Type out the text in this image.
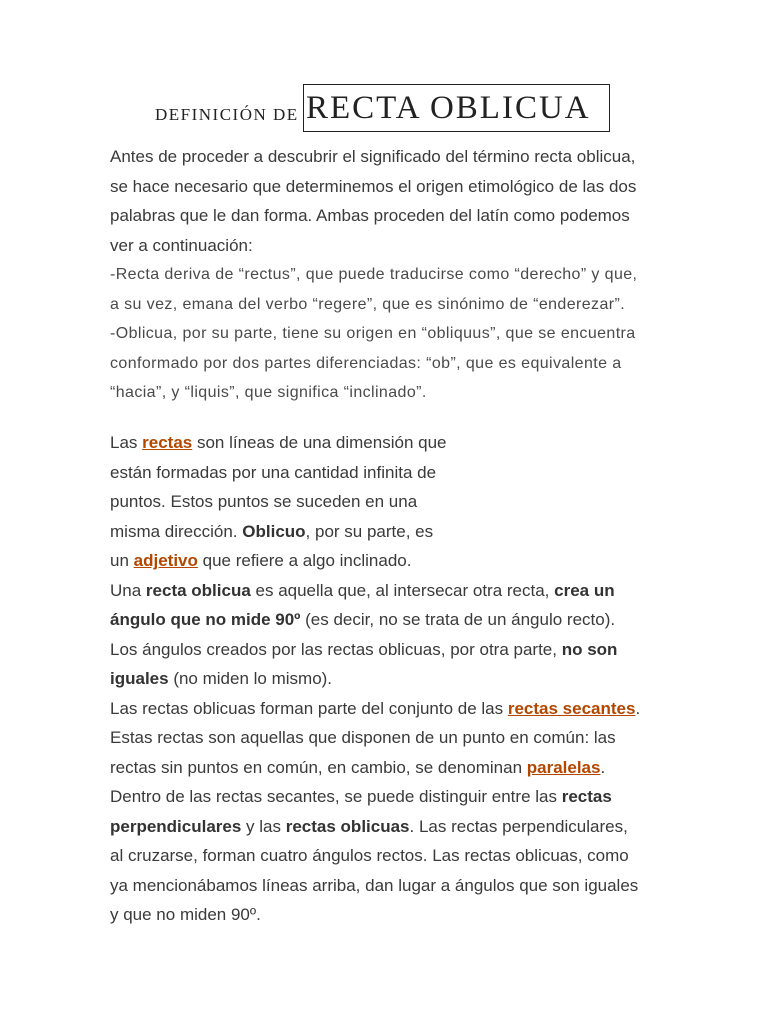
DEFINICIÓN DE RECTA OBLICUA
Antes de proceder a descubrir el significado del término recta oblicua,
se hace necesario que determinemos el origen etimológico de las dos
palabras que le dan forma. Ambas proceden del latín como podemos
ver a continuación:
-Recta deriva de “rectus”, que puede traducirse como “derecho” y que,
a su vez, emana del verbo “regere”, que es sinónimo de “enderezar”.
-Oblicua, por su parte, tiene su origen en “obliquus”, que se encuentra
conformado por dos partes diferenciadas: “ob”, que es equivalente a
“hacia”, y “liquis”, que significa “inclinado”.
Las rectas son líneas de una dimensión que
están formadas por una cantidad infinita de
puntos. Estos puntos se suceden en una
misma dirección. Oblicuo, por su parte, es
un adjetivo que refiere a algo inclinado.
Una recta oblicua es aquella que, al intersecar otra recta, crea un
ángulo que no mide 90º (es decir, no se trata de un ángulo recto).
Los ángulos creados por las rectas oblicuas, por otra parte, no son
iguales (no miden lo mismo).
Las rectas oblicuas forman parte del conjunto de las rectas secantes.
Estas rectas son aquellas que disponen de un punto en común: las
rectas sin puntos en común, en cambio, se denominan paralelas.
Dentro de las rectas secantes, se puede distinguir entre las rectas
perpendiculares y las rectas oblicuas. Las rectas perpendiculares,
al cruzarse, forman cuatro ángulos rectos. Las rectas oblicuas, como
ya mencionábamos líneas arriba, dan lugar a ángulos que son iguales
y que no miden 90º.
